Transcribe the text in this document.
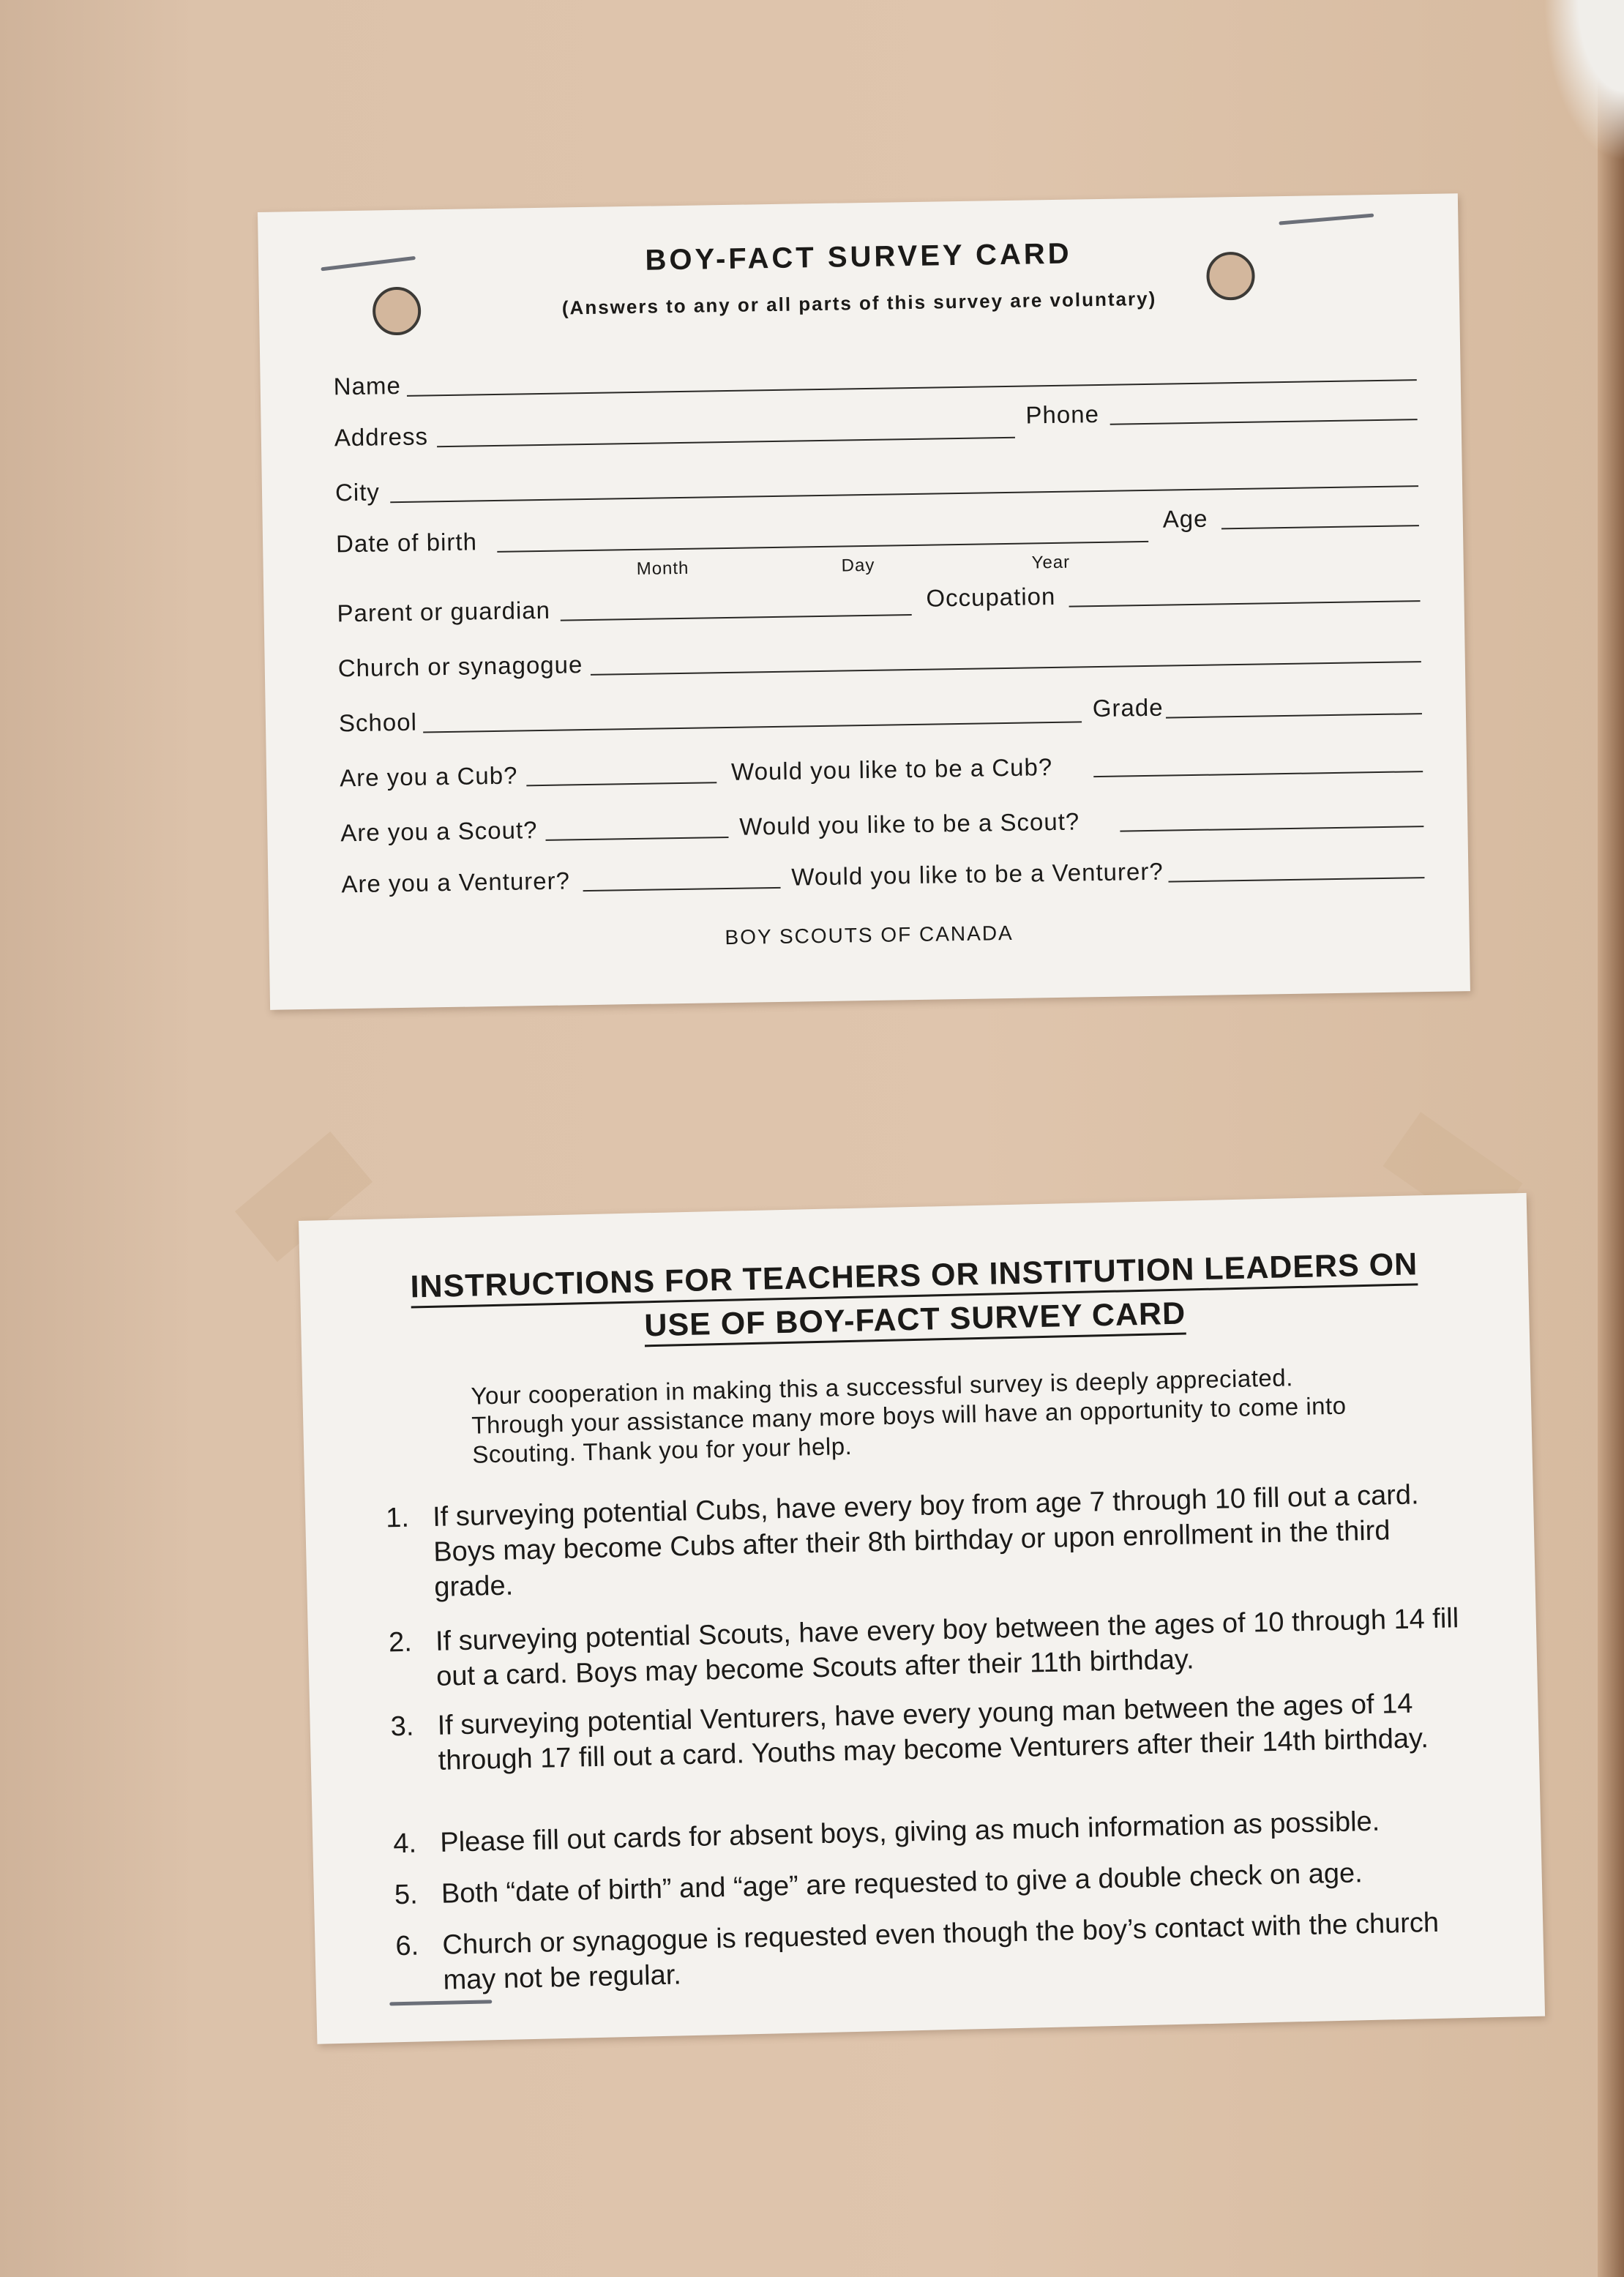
BOY-FACT SURVEY CARD
(Answers to any or all parts of this survey are voluntary)
Name
Address
Phone
City
Date of birth
Month	Day	Year
Age
Parent or guardian	Occupation
Church or synagogue
School
Grade
Are you a Cub?	Would you like to be a Cub?
Are you a Scout?	Would you like to be a Scout?
Are you a Venturer?	Would you like to be a Venturer?
BOY SCOUTS OF CANADA
INSTRUCTIONS FOR TEACHERS OR INSTITUTION LEADERS ON
USE OF BOY-FACT SURVEY CARD
Your cooperation in making this a successful survey is deeply appreciated. Through your assistance many more boys will have an opportunity to come into Scouting. Thank you for your help.
1. If surveying potential Cubs, have every boy from age 7 through 10 fill out a card. Boys may become Cubs after their 8th birthday or upon enrollment in the third grade.
2. If surveying potential Scouts, have every boy between the ages of 10 through 14 fill out a card. Boys may become Scouts after their 11th birthday.
3. If surveying potential Venturers, have every young man between the ages of 14 through 17 fill out a card. Youths may become Venturers after their 14th birthday.
4. Please fill out cards for absent boys, giving as much information as possible.
5. Both “date of birth” and “age” are requested to give a double check on age.
6. Church or synagogue is requested even though the boy’s contact with the church may not be regular.
